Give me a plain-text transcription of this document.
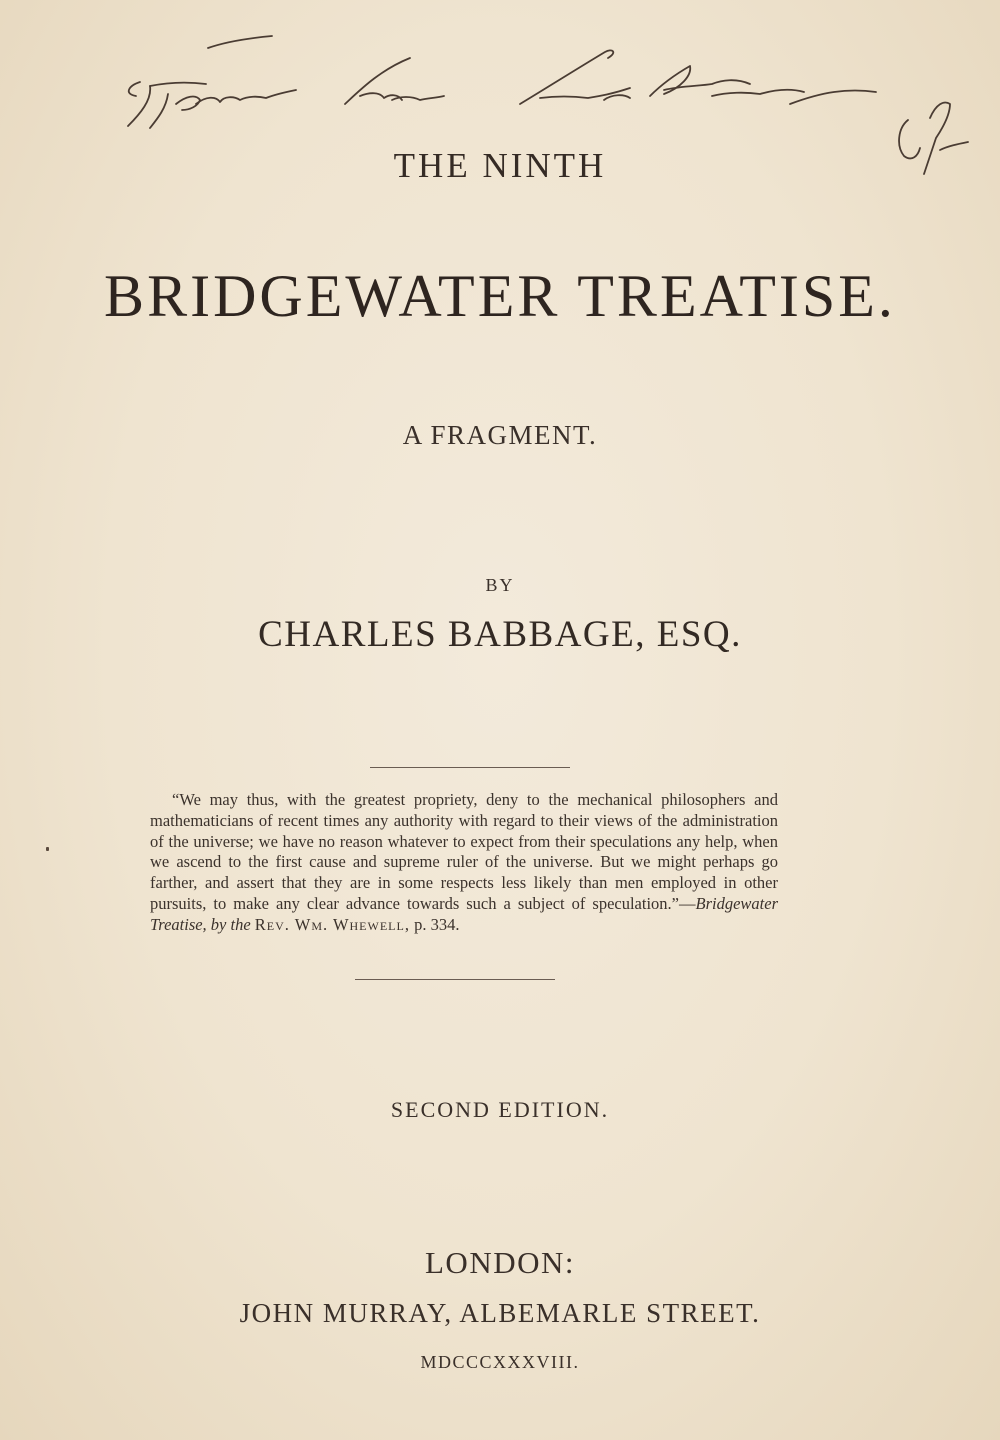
THE NINTH
BRIDGEWATER TREATISE.
A FRAGMENT.
BY
CHARLES BABBAGE, ESQ.
“We may thus, with the greatest propriety, deny to the mechanical philosophers and mathematicians of recent times any authority with regard to their views of the administration of the universe; we have no reason whatever to expect from their speculations any help, when we ascend to the first cause and supreme ruler of the universe. But we might perhaps go farther, and assert that they are in some respects less likely than men employed in other pursuits, to make any clear advance towards such a subject of speculation.”—Bridgewater Treatise, by the Rev. Wm. Whewell, p. 334.
SECOND EDITION.
LONDON:
JOHN MURRAY, ALBEMARLE STREET.
MDCCCXXXVIII.
